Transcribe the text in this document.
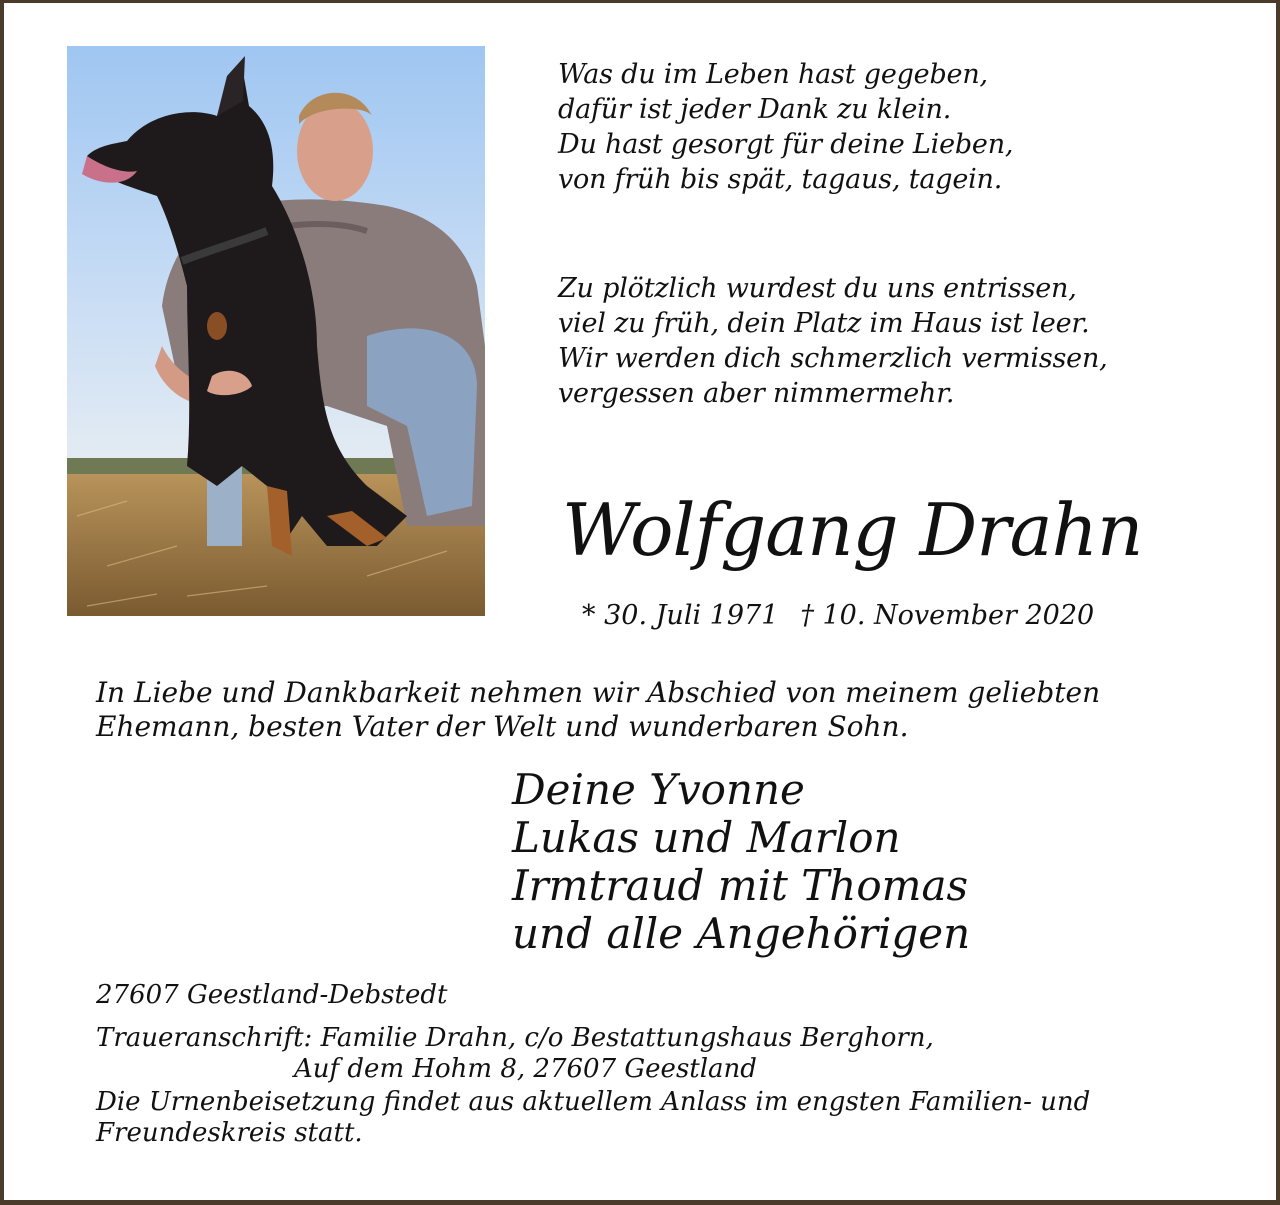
Was du im Leben hast gegeben,
dafür ist jeder Dank zu klein.
Du hast gesorgt für deine Lieben,
von früh bis spät, tagaus, tagein.
Zu plötzlich wurdest du uns entrissen,
viel zu früh, dein Platz im Haus ist leer.
Wir werden dich schmerzlich vermissen,
vergessen aber nimmermehr.
Wolfgang Drahn
* 30. Juli 1971 † 10. November 2020
In Liebe und Dankbarkeit nehmen wir Abschied von meinem geliebten
Ehemann, besten Vater der Welt und wunderbaren Sohn.
Deine Yvonne
Lukas und Marlon
Irmtraud mit Thomas
und alle Angehörigen
27607 Geestland-Debstedt
Traueranschrift: Familie Drahn, c/o Bestattungshaus Berghorn,
Auf dem Hohm 8, 27607 Geestland
Die Urnenbeisetzung findet aus aktuellem Anlass im engsten Familien- und
Freundeskreis statt.
